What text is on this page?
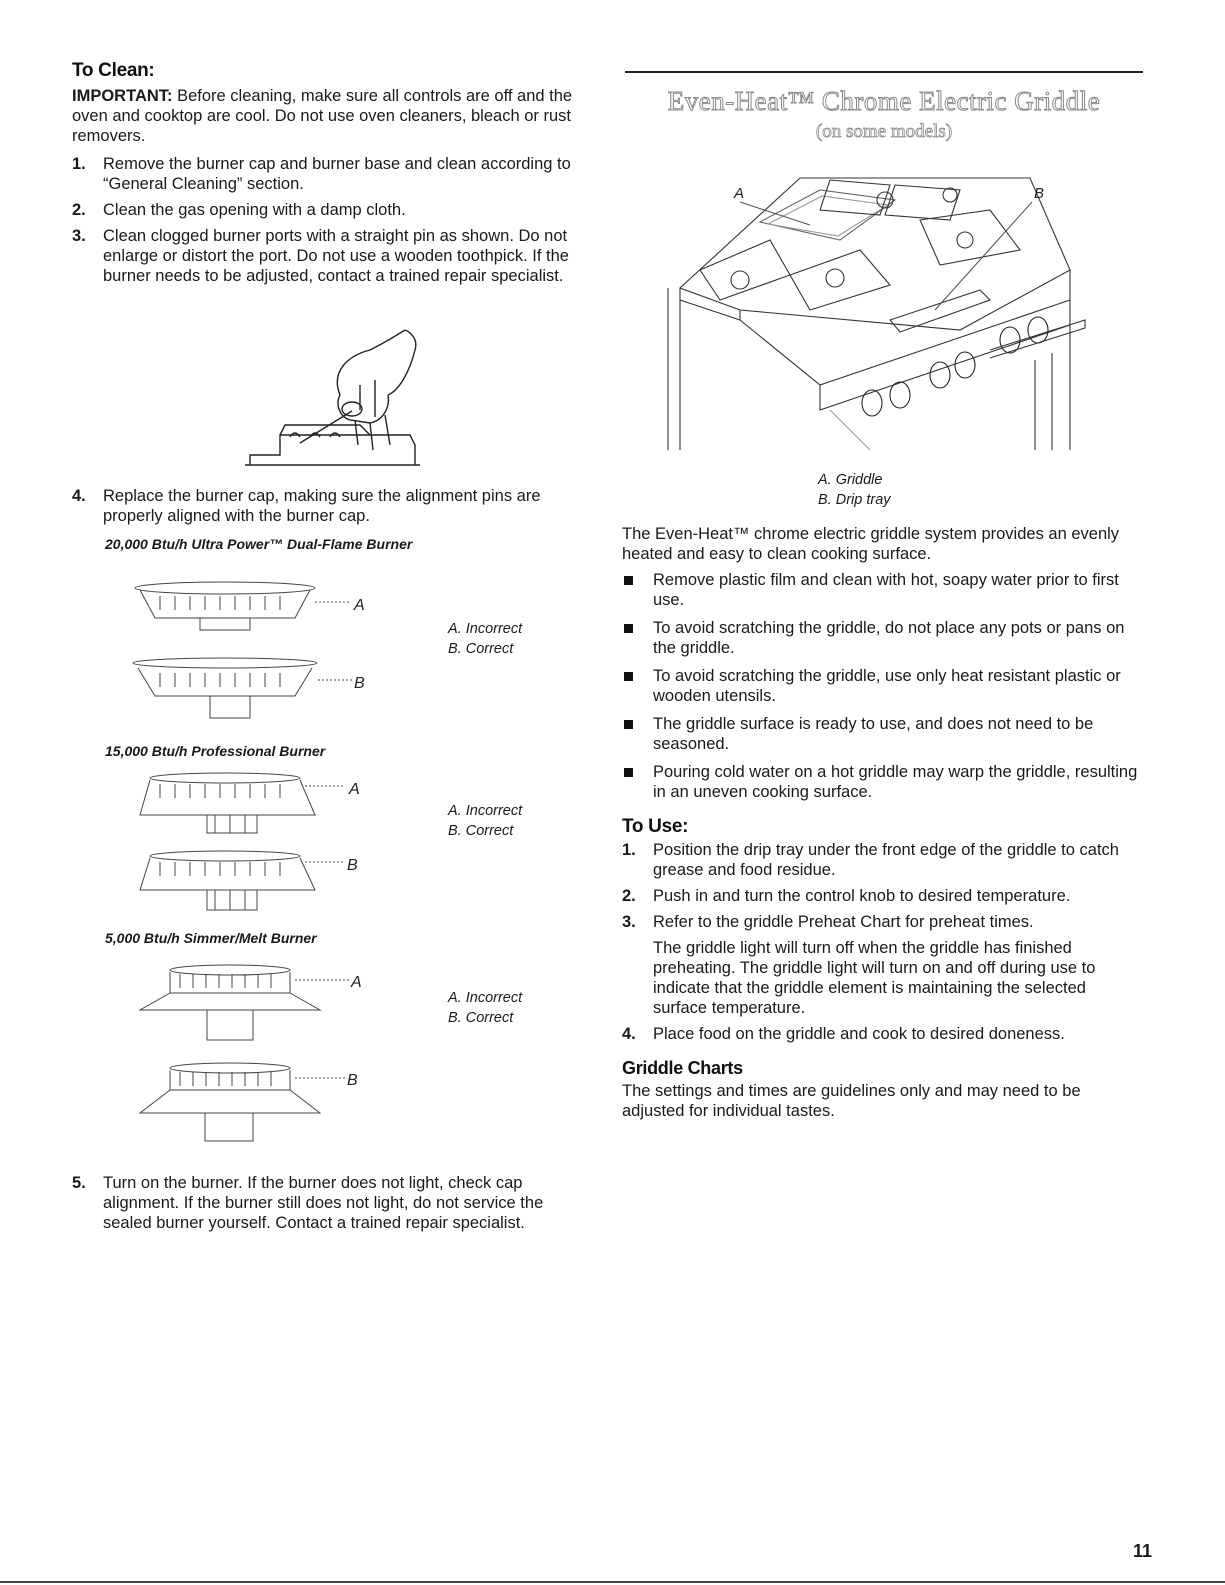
To Clean:

IMPORTANT: Before cleaning, make sure all controls are off and the oven and cooktop are cool. Do not use oven cleaners, bleach or rust removers.

1. Remove the burner cap and burner base and clean according to “General Cleaning” section.
2. Clean the gas opening with a damp cloth.
3. Clean clogged burner ports with a straight pin as shown. Do not enlarge or distort the port. Do not use a wooden toothpick. If the burner needs to be adjusted, contact a trained repair specialist.
4. Replace the burner cap, making sure the alignment pins are properly aligned with the burner cap.
20,000 Btu/h Ultra Power™ Dual-Flame Burner
A
B
A. Incorrect
B. Correct
15,000 Btu/h Professional Burner
A
B
A. Incorrect
B. Correct
5,000 Btu/h Simmer/Melt Burner
A
B
A. Incorrect
B. Correct
5. Turn on the burner. If the burner does not light, check cap alignment. If the burner still does not light, do not service the sealed burner yourself. Contact a trained repair specialist.
Even-Heat™ Chrome Electric Griddle
(on some models)
A	B
A. Griddle
B. Drip tray

The Even-Heat™ chrome electric griddle system provides an evenly heated and easy to clean cooking surface.

Remove plastic film and clean with hot, soapy water prior to first use.
To avoid scratching the griddle, do not place any pots or pans on the griddle.
To avoid scratching the griddle, use only heat resistant plastic or wooden utensils.
The griddle surface is ready to use, and does not need to be seasoned.
Pouring cold water on a hot griddle may warp the griddle, resulting in an uneven cooking surface.
To Use:
1. Position the drip tray under the front edge of the griddle to catch grease and food residue.
2. Push in and turn the control knob to desired temperature.
3. Refer to the griddle Preheat Chart for preheat times.
The griddle light will turn off when the griddle has finished preheating. The griddle light will turn on and off during use to indicate that the griddle element is maintaining the selected surface temperature.
4. Place food on the griddle and cook to desired doneness.
Griddle Charts

The settings and times are guidelines only and may need to be adjusted for individual tastes.

11
